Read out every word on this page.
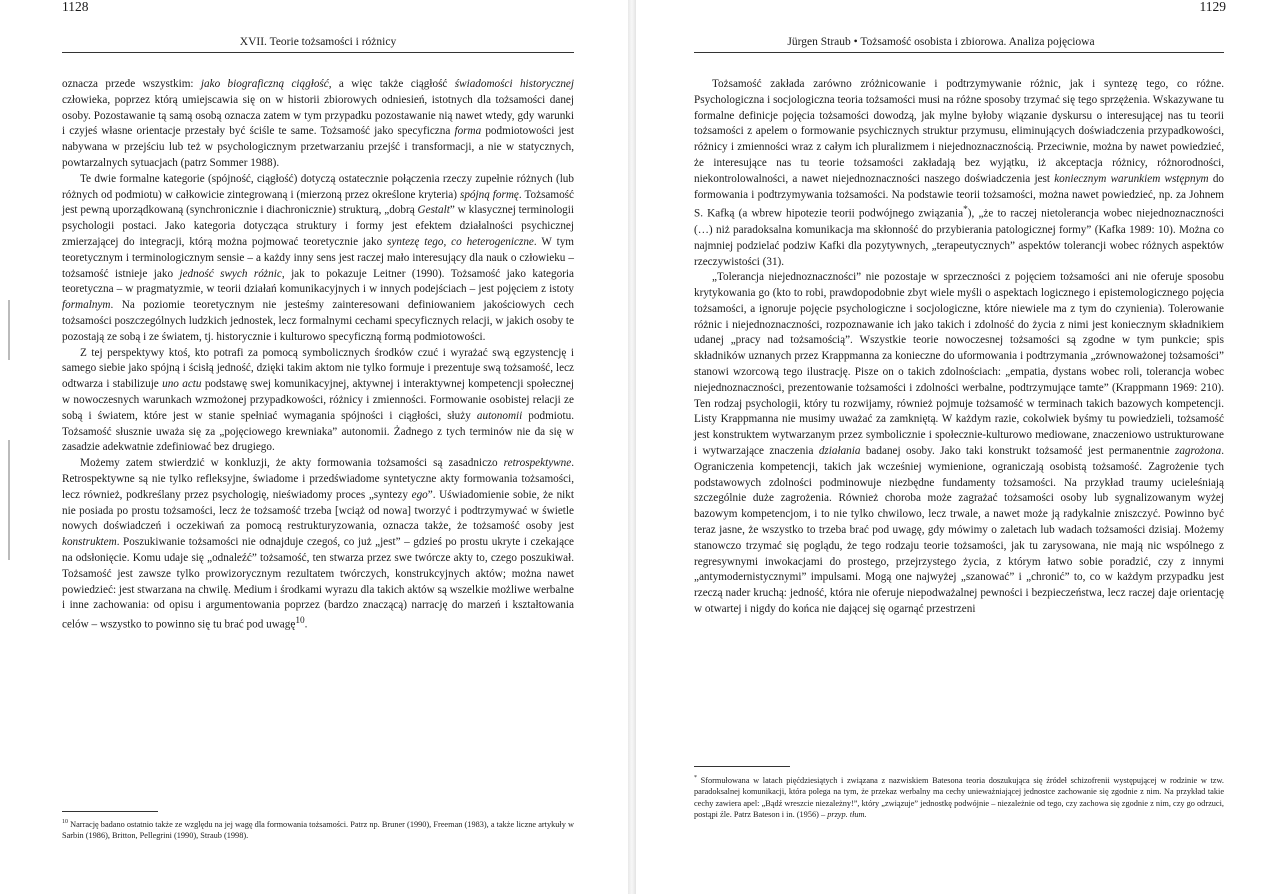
1128
XVII. Teorie tożsamości i różnicy

oznacza przede wszystkim: jako biograficzną ciągłość, a więc także ciągłość świadomości historycznej człowieka, poprzez którą umiejscawia się on w historii zbiorowych odniesień, istotnych dla tożsamości danej osoby. Pozostawanie tą samą osobą oznacza zatem w tym przypadku pozostawanie nią nawet wtedy, gdy warunki i czyjeś własne orientacje przestały być ściśle te same. Tożsamość jako specyficzna forma podmiotowości jest nabywana w przejściu lub też w psychologicznym przetwarzaniu przejść i transformacji, a nie w statycznych, powtarzalnych sytuacjach (patrz Sommer 1988).

Te dwie formalne kategorie (spójność, ciągłość) dotyczą ostatecznie połączenia rzeczy zupełnie różnych (lub różnych od podmiotu) w całkowicie zintegrowaną i (mierzoną przez określone kryteria) spójną formę. Tożsamość jest pewną uporządkowaną (synchronicznie i diachronicznie) strukturą, „dobrą Gestalt” w klasycznej terminologii psychologii postaci. Jako kategoria dotycząca struktury i formy jest efektem działalności psychicznej zmierzającej do integracji, którą można pojmować teoretycznie jako syntezę tego, co heterogeniczne. W tym teoretycznym i terminologicznym sensie – a każdy inny sens jest raczej mało interesujący dla nauk o człowieku – tożsamość istnieje jako jedność swych różnic, jak to pokazuje Leitner (1990). Tożsamość jako kategoria teoretyczna – w pragmatyzmie, w teorii działań komunikacyjnych i w innych podejściach – jest pojęciem z istoty formalnym. Na poziomie teoretycznym nie jesteśmy zainteresowani definiowaniem jakościowych cech tożsamości poszczególnych ludzkich jednostek, lecz formalnymi cechami specyficznych relacji, w jakich osoby te pozostają ze sobą i ze światem, tj. historycznie i kulturowo specyficzną formą podmiotowości.

Z tej perspektywy ktoś, kto potrafi za pomocą symbolicznych środków czuć i wyrażać swą egzystencję i samego siebie jako spójną i ścisłą jedność, dzięki takim aktom nie tylko formuje i prezentuje swą tożsamość, lecz odtwarza i stabilizuje uno actu podstawę swej komunikacyjnej, aktywnej i interaktywnej kompetencji społecznej w nowoczesnych warunkach wzmożonej przypadkowości, różnicy i zmienności. Formowanie osobistej relacji ze sobą i światem, które jest w stanie spełniać wymagania spójności i ciągłości, służy autonomii podmiotu. Tożsamość słusznie uważa się za „pojęciowego krewniaka” autonomii. Żadnego z tych terminów nie da się w zasadzie adekwatnie zdefiniować bez drugiego.

Możemy zatem stwierdzić w konkluzji, że akty formowania tożsamości są zasadniczo retrospektywne. Retrospektywne są nie tylko refleksyjne, świadome i przedświadome syntetyczne akty formowania tożsamości, lecz również, podkreślany przez psychologię, nieświadomy proces „syntezy ego”. Uświadomienie sobie, że nikt nie posiada po prostu tożsamości, lecz że tożsamość trzeba [wciąż od nowa] tworzyć i podtrzymywać w świetle nowych doświadczeń i oczekiwań za pomocą restrukturyzowania, oznacza także, że tożsamość osoby jest konstruktem. Poszukiwanie tożsamości nie odnajduje czegoś, co już „jest” – gdzieś po prostu ukryte i czekające na odsłonięcie. Komu udaje się „odnaleźć” tożsamość, ten stwarza przez swe twórcze akty to, czego poszukiwał. Tożsamość jest zawsze tylko prowizorycznym rezultatem twórczych, konstrukcyjnych aktów; można nawet powiedzieć: jest stwarzana na chwilę. Medium i środkami wyrazu dla takich aktów są wszelkie możliwe werbalne i inne zachowania: od opisu i argumentowania poprzez (bardzo znaczącą) narrację do marzeń i kształtowania celów – wszystko to powinno się tu brać pod uwagę$^{10}$.

$^{10}$ Narrację badano ostatnio także ze względu na jej wagę dla formowania tożsamości. Patrz np. Bruner (1990), Freeman (1983), a także liczne artykuły w Sarbin (1986), Britton, Pellegrini (1990), Straub (1998).

Jürgen Straub • Tożsamość osobista i zbiorowa. Analiza pojęciowa
1129

Tożsamość zakłada zarówno zróżnicowanie i podtrzymywanie różnic, jak i syntezę tego, co różne. Psychologiczna i socjologiczna teoria tożsamości musi na różne sposoby trzymać się tego sprzężenia. Wskazywane tu formalne definicje pojęcia tożsamości dowodzą, jak mylne byłoby wiązanie dyskursu o interesującej nas tu teorii tożsamości z apelem o formowanie psychicznych struktur przymusu, eliminujących doświadczenia przypadkowości, różnicy i zmienności wraz z całym ich pluralizmem i niejednoznacznością. Przeciwnie, można by nawet powiedzieć, że interesujące nas tu teorie tożsamości zakładają bez wyjątku, iż akceptacja różnicy, różnorodności, niekontrolowalności, a nawet niejednoznaczności naszego doświadczenia jest koniecznym warunkiem wstępnym do formowania i podtrzymywania tożsamości. Na podstawie teorii tożsamości, można nawet powiedzieć, np. za Johnem S. Kafką (a wbrew hipotezie teorii podwójnego związania*), „że to raczej nietolerancja wobec niejednoznaczności (…) niż paradoksalna komunikacja ma skłonność do przybierania patologicznej formy” (Kafka 1989: 10). Można co najmniej podzielać podziw Kafki dla pozytywnych, „terapeutycznych” aspektów tolerancji wobec różnych aspektów rzeczywistości (31).

„Tolerancja niejednoznaczności” nie pozostaje w sprzeczności z pojęciem tożsamości ani nie oferuje sposobu krytykowania go (kto to robi, prawdopodobnie zbyt wiele myśli o aspektach logicznego i epistemologicznego pojęcia tożsamości, a ignoruje pojęcie psychologiczne i socjologiczne, które niewiele ma z tym do czynienia). Tolerowanie różnic i niejednoznaczności, rozpoznawanie ich jako takich i zdolność do życia z nimi jest koniecznym składnikiem udanej „pracy nad tożsamością”. Wszystkie teorie nowoczesnej tożsamości są zgodne w tym punkcie; spis składników uznanych przez Krappmanna za konieczne do uformowania i podtrzymania „zrównoważonej tożsamości” stanowi wzorcową tego ilustrację. Pisze on o takich zdolnościach: „empatia, dystans wobec roli, tolerancja wobec niejednoznaczności, prezentowanie tożsamości i zdolności werbalne, podtrzymujące tamte” (Krappmann 1969: 210). Ten rodzaj psychologii, który tu rozwijamy, również pojmuje tożsamość w terminach takich bazowych kompetencji. Listy Krappmanna nie musimy uważać za zamkniętą. W każdym razie, cokolwiek byśmy tu powiedzieli, tożsamość jest konstruktem wytwarzanym przez symbolicznie i społecznie-kulturowo mediowane, znaczeniowo ustrukturowane i wytwarzające znaczenia działania badanej osoby. Jako taki konstrukt tożsamość jest permanentnie zagrożona. Ograniczenia kompetencji, takich jak wcześniej wymienione, ograniczają osobistą tożsamość. Zagrożenie tych podstawowych zdolności podminowuje niezbędne fundamenty tożsamości. Na przykład traumy ucieleśniają szczególnie duże zagrożenia. Również choroba może zagrażać tożsamości osoby lub sygnalizowanym wyżej bazowym kompetencjom, i to nie tylko chwilowo, lecz trwale, a nawet może ją radykalnie zniszczyć. Powinno być teraz jasne, że wszystko to trzeba brać pod uwagę, gdy mówimy o zaletach lub wadach tożsamości dzisiaj. Możemy stanowczo trzymać się poglądu, że tego rodzaju teorie tożsamości, jak tu zarysowana, nie mają nic wspólnego z regresywnymi inwokacjami do prostego, przejrzystego życia, z którym łatwo sobie poradzić, czy z innymi „antymodernistycznymi” impulsami. Mogą one najwyżej „szanować” i „chronić” to, co w każdym przypadku jest rzeczą nader kruchą: jedność, która nie oferuje niepodważalnej pewności i bezpieczeństwa, lecz raczej daje orientację w otwartej i nigdy do końca nie dającej się ogarnąć przestrzeni

* Sformułowana w latach pięćdziesiątych i związana z nazwiskiem Batesona teoria doszukująca się źródeł schizofrenii występującej w rodzinie w tzw. paradoksalnej komunikacji, która polega na tym, że przekaz werbalny ma cechy unieważniającej jednostce zachowanie się zgodnie z nim. Na przykład takie cechy zawiera apel: „Bądź wreszcie niezależny!”, który „związuje” jednostkę podwójnie – niezależnie od tego, czy zachowa się zgodnie z nim, czy go odrzuci, postąpi źle. Patrz Bateson i in. (1956) – przyp. tłum.
